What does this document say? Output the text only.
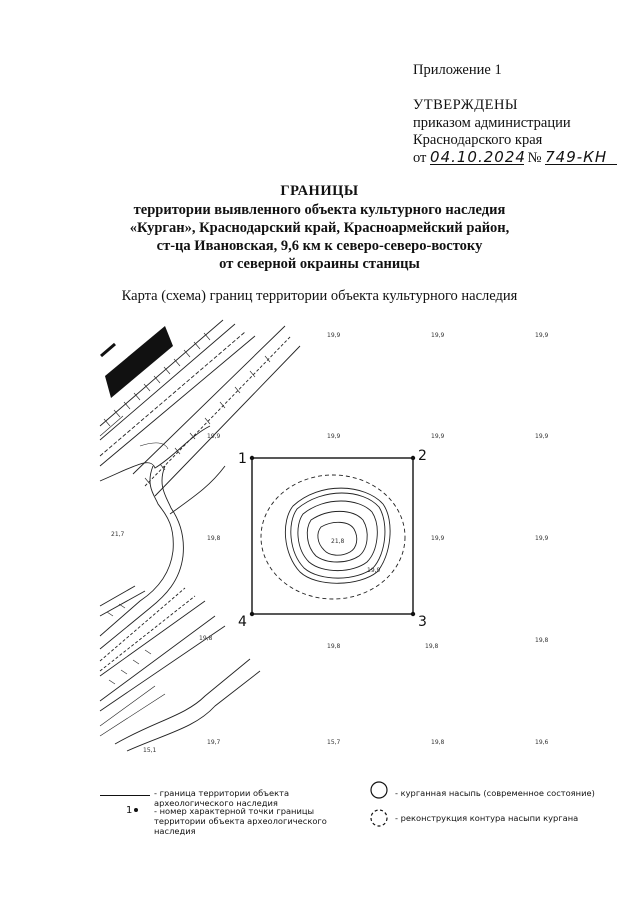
Приложение 1
УТВЕРЖДЕНЫ
приказом администрации
Краснодарского края
от 04.10.2024 № 749-КН
ГРАНИЦЫ
территории выявленного объекта культурного наследия
«Курган», Краснодарский край, Красноармейский район,
ст-ца Ивановская, 9,6 км к северо-северо-востоку
от северной окраины станицы
Карта (схема) границ территории объекта культурного наследия
1	2
3
4
19,9	19,9	19,9
19,9	19,9	19,9	19,9
19,9
21,7
19,8	21,8	19,9
19,9
19,8
19,8	19,8
19,8
19,7	15,7	19,8	19,6
15,1
- граница территории объекта археологического наследия
1	- номер характерной точки границы территории объекта археологического наследия
- курганная насыпь (современное состояние)
- реконструкция контура насыпи кургана
